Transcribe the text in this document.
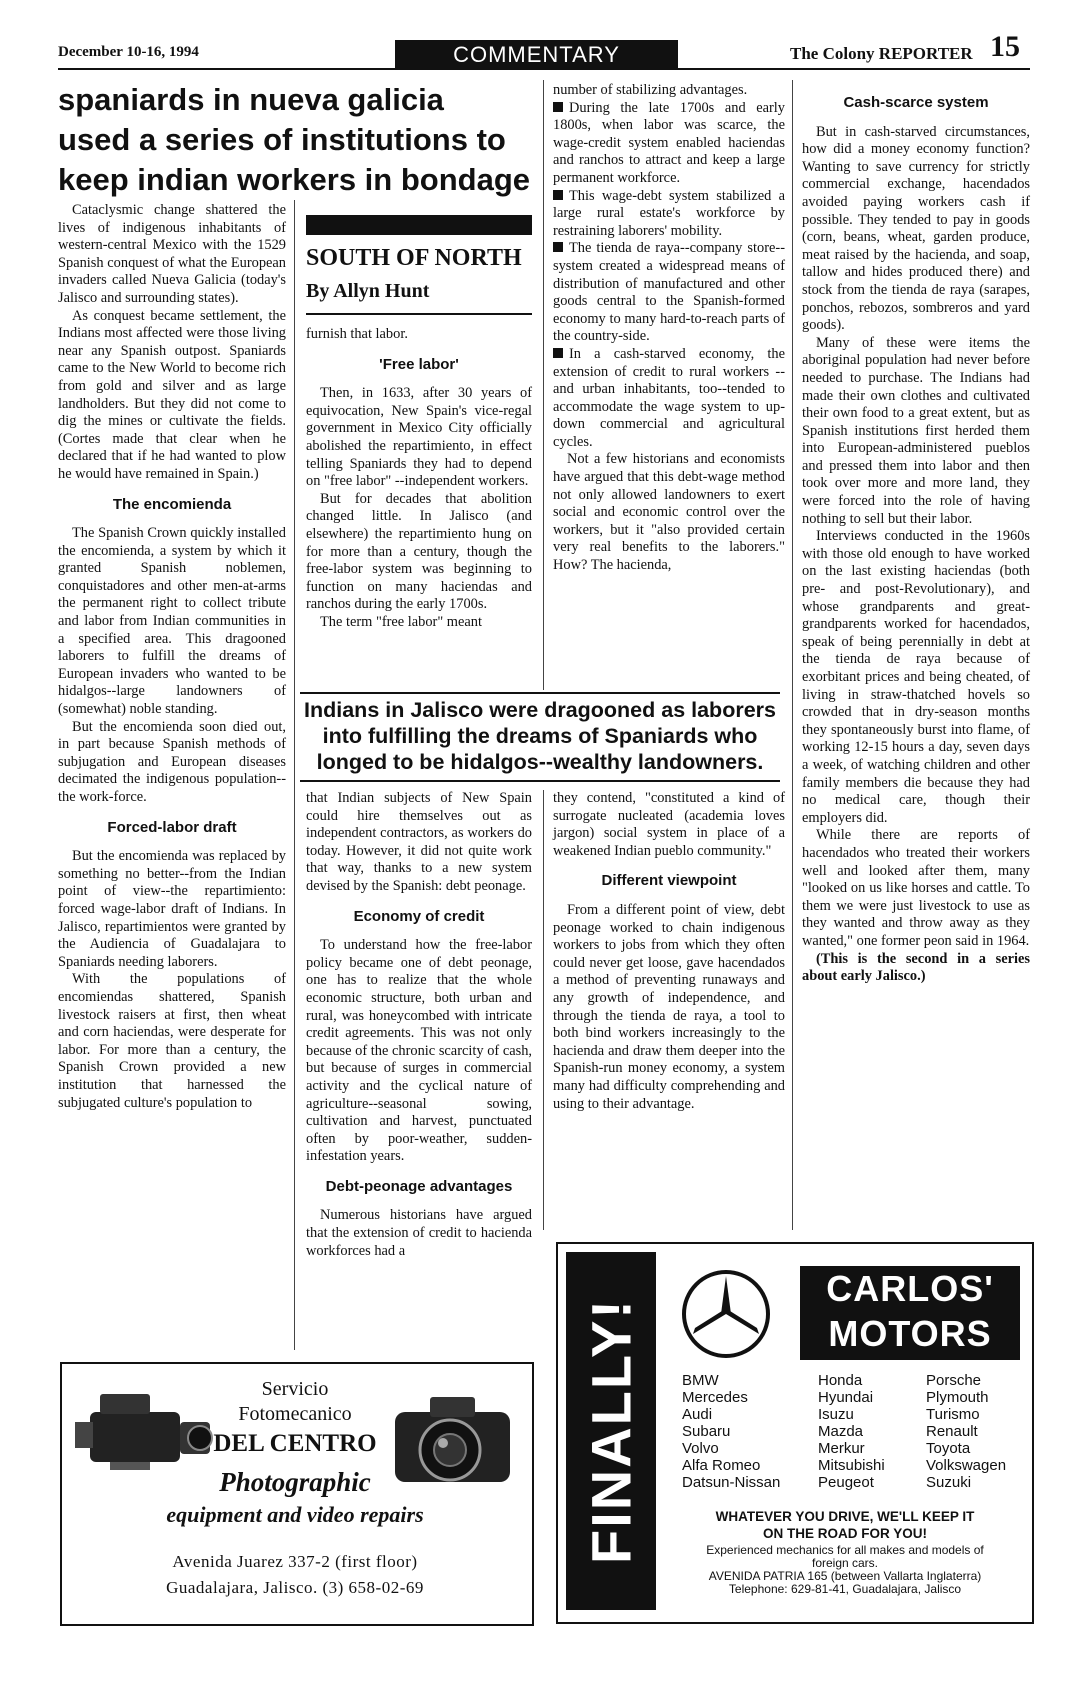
December 10-16, 1994	COMMENTARY	The Colony REPORTER 15
spaniards in nueva galicia
used a series of institutions to
keep indian workers in bondage

Cataclysmic change shattered the lives of indigenous inhabitants of western-central Mexico with the 1529 Spanish conquest of what the European invaders called Nueva Galicia (today's Jalisco and surrounding states).

As conquest became settlement, the Indians most affected were those living near any Spanish outpost. Spaniards came to the New World to become rich from gold and silver and as large landholders. But they did not come to dig the mines or cultivate the fields. (Cortes made that clear when he declared that if he had wanted to plow he would have remained in Spain.)

The encomienda

The Spanish Crown quickly installed the encomienda, a system by which it granted Spanish noblemen, conquistadores and other men-at-arms the permanent right to collect tribute and labor from Indian communities in a specified area. This dragooned laborers to fulfill the dreams of European invaders who wanted to be hidalgos--large landowners of (somewhat) noble standing.

But the encomienda soon died out, in part because Spanish methods of subjugation and European diseases decimated the indigenous population--the work-force.

Forced-labor draft

But the encomienda was replaced by something no better--from the Indian point of view--the repartimiento: forced wage-labor draft of Indians. In Jalisco, repartimientos were granted by the Audiencia of Guadalajara to Spaniards needing laborers.

With the populations of encomiendas shattered, Spanish livestock raisers at first, then wheat and corn haciendas, were desperate for labor. For more than a century, the Spanish Crown provided a new institution that harnessed the subjugated culture's population to

SOUTH OF NORTH
By Allyn Hunt

furnish that labor.

'Free labor'

Then, in 1633, after 30 years of equivocation, New Spain's vice-regal government in Mexico City officially abolished the repartimiento, in effect telling Spaniards they had to depend on "free labor" --independent workers.

But for decades that abolition changed little. In Jalisco (and elsewhere) the repartimiento hung on for more than a century, though the free-labor system was beginning to function on many haciendas and ranchos during the early 1700s.

The term "free labor" meant

number of stabilizing advantages.

During the late 1700s and early 1800s, when labor was scarce, the wage-credit system enabled haciendas and ranchos to attract and keep a large permanent workforce.

This wage-debt system stabilized a large rural estate's workforce by restraining laborers' mobility.

The tienda de raya--company store--system created a widespread means of distribution of manufactured and other goods central to the Spanish-formed economy to many hard-to-reach parts of the country-side.

In a cash-starved economy, the extension of credit to rural workers --and urban inhabitants, too--tended to accommodate the wage system to up-down commercial and agricultural cycles.

Not a few historians and economists have argued that this debt-wage method not only allowed landowners to exert social and economic control over the workers, but it "also provided certain very real benefits to the laborers." How? The hacienda,

Indians in Jalisco were dragooned as laborers
into fulfilling the dreams of Spaniards who
longed to be hidalgos--wealthy landowners.

that Indian subjects of New Spain could hire themselves out as independent contractors, as workers do today. However, it did not quite work that way, thanks to a new system devised by the Spanish: debt peonage.

Economy of credit

To understand how the free-labor policy became one of debt peonage, one has to realize that the whole economic structure, both urban and rural, was honeycombed with intricate credit agreements. This was not only because of the chronic scarcity of cash, but because of surges in commercial activity and the cyclical nature of agriculture--seasonal sowing, cultivation and harvest, punctuated often by poor-weather, sudden-infestation years.

Debt-peonage advantages

Numerous historians have argued that the extension of credit to hacienda workforces had a

they contend, "constituted a kind of surrogate nucleated (academia loves jargon) social system in place of a weakened Indian pueblo community."

Different viewpoint

From a different point of view, debt peonage worked to chain indigenous workers to jobs from which they often could never get loose, gave hacendados a method of preventing runaways and any growth of independence, and through the tienda de raya, a tool to both bind workers increasingly to the hacienda and draw them deeper into the Spanish-run money economy, a system many had difficulty comprehending and using to their advantage.

Cash-scarce system

But in cash-starved circumstances, how did a money economy function? Wanting to save currency for strictly commercial exchange, hacendados avoided paying workers cash if possible. They tended to pay in goods (corn, beans, wheat, garden produce, meat raised by the hacienda, and soap, tallow and hides produced there) and stock from the tienda de raya (sarapes, ponchos, rebozos, sombreros and yard goods).

Many of these were items the aboriginal population had never before needed to purchase. The Indians had made their own clothes and cultivated their own food to a great extent, but as Spanish institutions first herded them into European-administered pueblos and pressed them into labor and then took over more and more land, they were forced into the role of having nothing to sell but their labor.

Interviews conducted in the 1960s with those old enough to have worked on the last existing haciendas (both pre- and post-Revolutionary), and whose grandparents and great-grandparents worked for hacendados, speak of being perennially in debt at the tienda de raya because of exorbitant prices and being cheated, of living in straw-thatched hovels so crowded that in dry-season months they spontaneously burst into flame, of working 12-15 hours a day, seven days a week, of watching children and other family members die because they had no medical care, though their employers did.

While there are reports of hacendados who treated their workers well and looked after them, many "looked on us like horses and cattle. To them we were just livestock to use as they wanted and throw away as they wanted," one former peon said in 1964.

(This is the second in a series about early Jalisco.)

Servicio
Fotomecanico
DEL CENTRO
Photographic
equipment and video repairs
Avenida Juarez 337-2 (first floor)
Guadalajara, Jalisco. (3) 658-02-69
FINALLY!
CARLOS'
MOTORS
BMW
Mercedes
Audi
Subaru
Volvo
Alfa Romeo
Datsun-Nissan
Honda
Hyundai
Isuzu
Mazda
Merkur
Mitsubishi
Peugeot
Porsche
Plymouth
Turismo
Renault
Toyota
Volkswagen
Suzuki
WHATEVER YOU DRIVE, WE'LL KEEP IT
ON THE ROAD FOR YOU!
Experienced mechanics for all makes and models of
foreign cars.
AVENIDA PATRIA 165 (between Vallarta Inglaterra)
Telephone: 629-81-41, Guadalajara, Jalisco
